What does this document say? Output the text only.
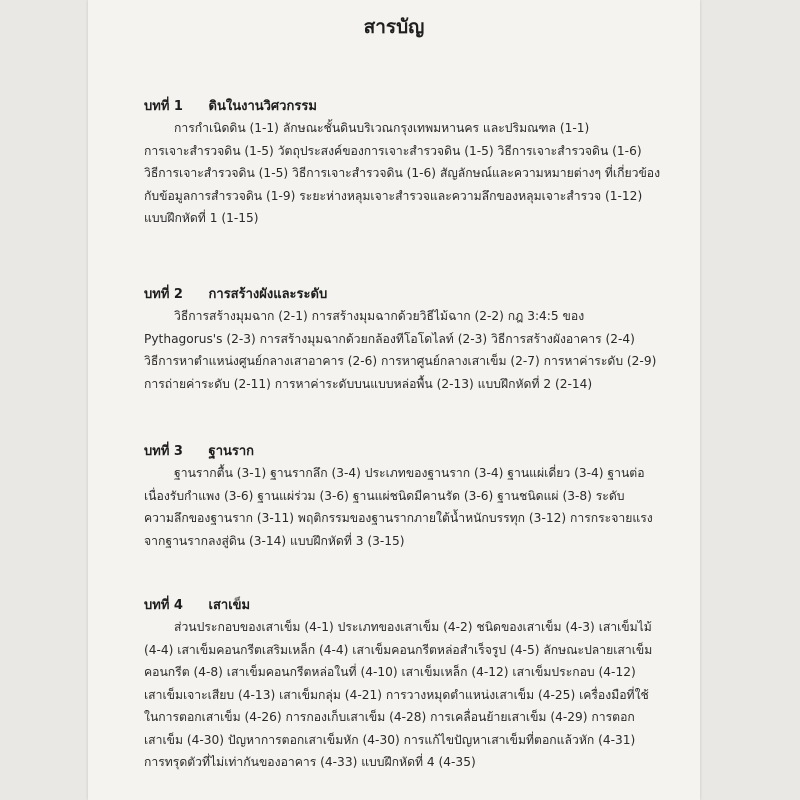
สารบัญ
บทที่ 1 ดินในงานวิศวกรรม
การกำเนิดดิน (1-1) ลักษณะชั้นดินบริเวณกรุงเทพมหานคร และปริมณฑล (1-1)
การเจาะสำรวจดิน (1-5) วัตถุประสงค์ของการเจาะสำรวจดิน (1-5) วิธีการเจาะสำรวจดิน (1-6)
วิธีการเจาะสำรวจดิน (1-5) วิธีการเจาะสำรวจดิน (1-6) สัญลักษณ์และความหมายต่างๆ ที่เกี่ยวข้อง
กับข้อมูลการสำรวจดิน (1-9) ระยะห่างหลุมเจาะสำรวจและความลึกของหลุมเจาะสำรวจ (1-12)
แบบฝึกหัดที่ 1 (1-15)
บทที่ 2 การสร้างผังและระดับ
วิธีการสร้างมุมฉาก (2-1) การสร้างมุมฉากด้วยวิธีไม้ฉาก (2-2) กฎ 3:4:5 ของ
Pythagorus's (2-3) การสร้างมุมฉากด้วยกล้องทีโอโดไลท์ (2-3) วิธีการสร้างผังอาคาร (2-4)
วิธีการหาตำแหน่งศูนย์กลางเสาอาคาร (2-6) การหาศูนย์กลางเสาเข็ม (2-7) การหาค่าระดับ (2-9)
การถ่ายค่าระดับ (2-11) การหาค่าระดับบนแบบหล่อพื้น (2-13) แบบฝึกหัดที่ 2 (2-14)
บทที่ 3 ฐานราก
ฐานรากตื้น (3-1) ฐานรากลึก (3-4) ประเภทของฐานราก (3-4) ฐานแผ่เดี่ยว (3-4) ฐานต่อ
เนื่องรับกำแพง (3-6) ฐานแผ่ร่วม (3-6) ฐานแผ่ชนิดมีคานรัด (3-6) ฐานชนิดแผ่ (3-8) ระดับ
ความลึกของฐานราก (3-11) พฤติกรรมของฐานรากภายใต้น้ำหนักบรรทุก (3-12) การกระจายแรง
จากฐานรากลงสู่ดิน (3-14) แบบฝึกหัดที่ 3 (3-15)
บทที่ 4 เสาเข็ม
ส่วนประกอบของเสาเข็ม (4-1) ประเภทของเสาเข็ม (4-2) ชนิดของเสาเข็ม (4-3) เสาเข็มไม้
(4-4) เสาเข็มคอนกรีตเสริมเหล็ก (4-4) เสาเข็มคอนกรีตหล่อสำเร็จรูป (4-5) ลักษณะปลายเสาเข็ม
คอนกรีต (4-8) เสาเข็มคอนกรีตหล่อในที่ (4-10) เสาเข็มเหล็ก (4-12) เสาเข็มประกอบ (4-12)
เสาเข็มเจาะเสียบ (4-13) เสาเข็มกลุ่ม (4-21) การวางหมุดตำแหน่งเสาเข็ม (4-25) เครื่องมือที่ใช้
ในการตอกเสาเข็ม (4-26) การกองเก็บเสาเข็ม (4-28) การเคลื่อนย้ายเสาเข็ม (4-29) การตอก
เสาเข็ม (4-30) ปัญหาการตอกเสาเข็มหัก (4-30) การแก้ไขปัญหาเสาเข็มที่ตอกแล้วหัก (4-31)
การทรุดตัวที่ไม่เท่ากันของอาคาร (4-33) แบบฝึกหัดที่ 4 (4-35)
